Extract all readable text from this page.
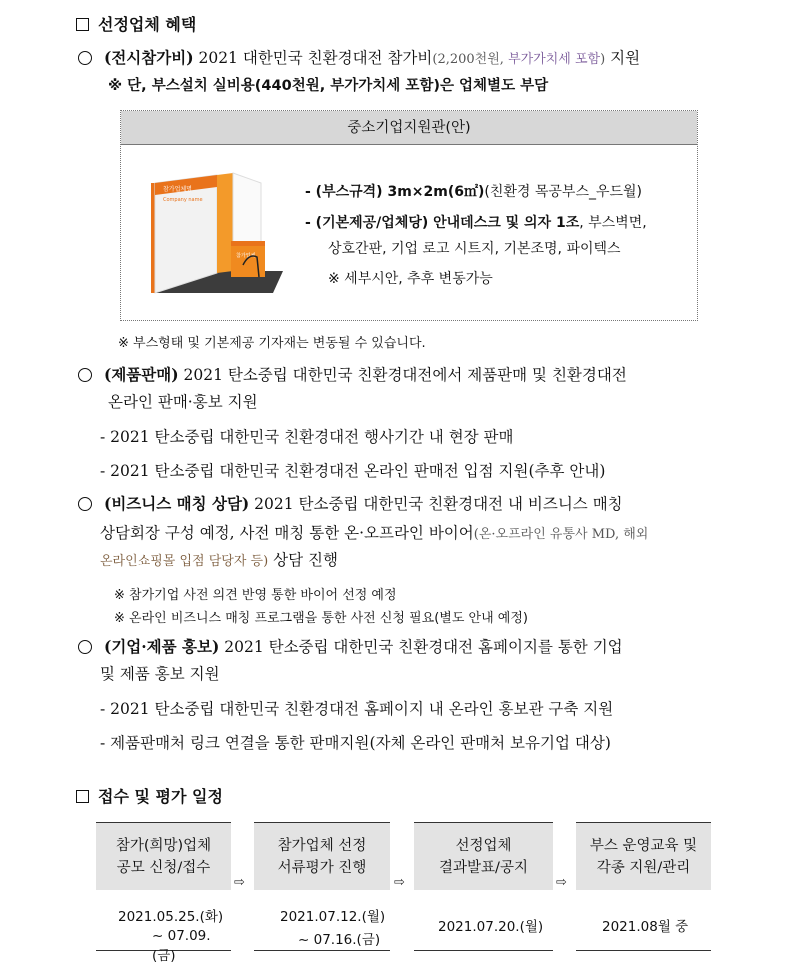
선정업체 혜택
(전시참가비) 2021 대한민국 친환경대전 참가비(2,200천원, 부가가치세 포함) 지원
※ 단, 부스설치 실비용(440천원, 부가가치세 포함)은 업체별도 부담
중소기업지원관(안)
참가업체명
Company name
참가업체
- (부스규격) 3m×2m(6㎡)(친환경 목공부스_우드월)
- (기본제공/업체당) 안내데스크 및 의자 1조, 부스벽면,
상호간판, 기업 로고 시트지, 기본조명, 파이텍스
※ 세부시안, 추후 변동가능
※ 부스형태 및 기본제공 기자재는 변동될 수 있습니다.
(제품판매) 2021 탄소중립 대한민국 친환경대전에서 제품판매 및 친환경대전
온라인 판매·홍보 지원
- 2021 탄소중립 대한민국 친환경대전 행사기간 내 현장 판매
- 2021 탄소중립 대한민국 친환경대전 온라인 판매전 입점 지원(추후 안내)
(비즈니스 매칭 상담) 2021 탄소중립 대한민국 친환경대전 내 비즈니스 매칭
상담회장 구성 예정, 사전 매칭 통한 온·오프라인 바이어(온·오프라인 유통사 MD, 해외
온라인쇼핑몰 입점 담당자 등) 상담 진행
※ 참가기업 사전 의견 반영 통한 바이어 선정 예정
※ 온라인 비즈니스 매칭 프로그램을 통한 사전 신청 필요(별도 안내 예정)
(기업·제품 홍보) 2021 탄소중립 대한민국 친환경대전 홈페이지를 통한 기업
및 제품 홍보 지원
- 2021 탄소중립 대한민국 친환경대전 홈페이지 내 온라인 홍보관 구축 지원
- 제품판매처 링크 연결을 통한 판매지원(자체 온라인 판매처 보유기업 대상)
접수 및 평가 일정
참가(희망)업체
공모 신청/접수
2021.05.25.(화)
~ 07.09.(금)
⇨
참가업체 선정
서류평가 진행
2021.07.12.(월)
~ 07.16.(금)
⇨
선정업체
결과발표/공지
2021.07.20.(월)
⇨
부스 운영교육 및
각종 지원/관리
2021.08월 중
